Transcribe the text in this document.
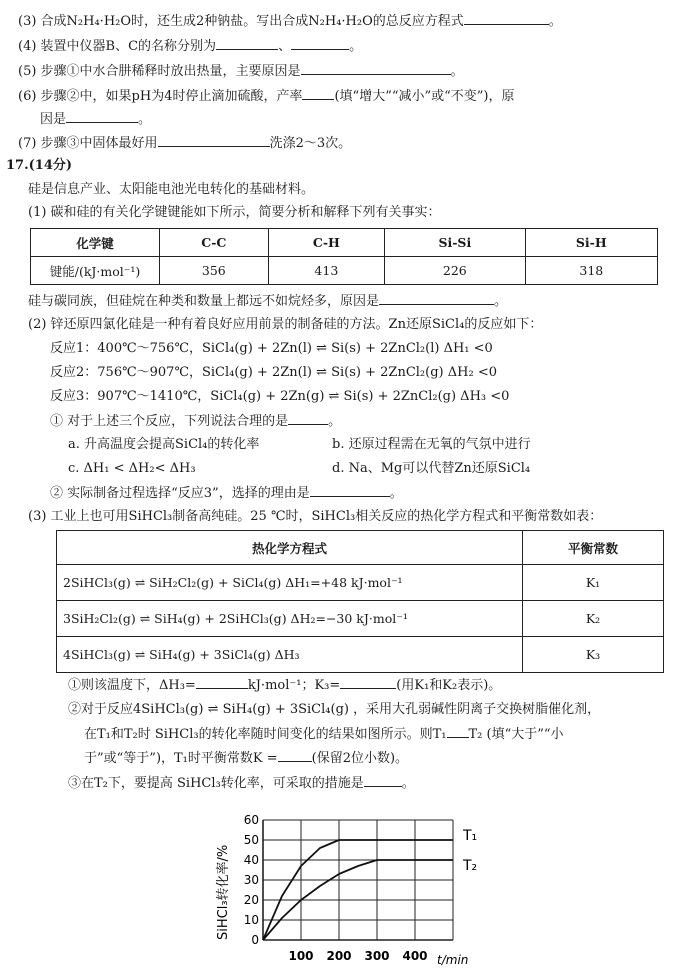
(3) 合成N₂H₄·H₂O时，还生成2种钠盐。写出合成N₂H₄·H₂O的总反应方程式	。
(4) 装置中仪器B、C的名称分别为	、	。
(5) 步骤①中水合肼稀释时放出热量，主要原因是	。
(6) 步骤②中，如果pH为4时停止滴加硫酸，产率 (填“增大”“减小”或“不变”)，原
因是	。
(7) 步骤③中固体最好用	洗涤2～3次。
17.(14分)
硅是信息产业、太阳能电池光电转化的基础材料。
(1) 碳和硅的有关化学键键能如下所示，简要分析和解释下列有关事实：
化学键	C-C	C-H	Si-Si	Si-H
键能/(kJ·mol⁻¹)	356	413	226	318
硅与碳同族，但硅烷在种类和数量上都远不如烷烃多，原因是	。
(2) 锌还原四氯化硅是一种有着良好应用前景的制备硅的方法。Zn还原SiCl₄的反应如下：
反应1：400℃～756℃，SiCl₄(g) + 2Zn(l) ⇌ Si(s) + 2ZnCl₂(l) ΔH₁ <0
反应2：756℃～907℃，SiCl₄(g) + 2Zn(l) ⇌ Si(s) + 2ZnCl₂(g) ΔH₂ <0
反应3：907℃～1410℃，SiCl₄(g) + 2Zn(g) ⇌ Si(s) + 2ZnCl₂(g) ΔH₃ <0
① 对于上述三个反应，下列说法合理的是	。
a. 升高温度会提高SiCl₄的转化率	b. 还原过程需在无氧的气氛中进行
c. ΔH₁ < ΔH₂< ΔH₃	d. Na、Mg可以代替Zn还原SiCl₄
② 实际制备过程选择“反应3”，选择的理由是	。
(3) 工业上也可用SiHCl₃制备高纯硅。25 ℃时，SiHCl₃相关反应的热化学方程式和平衡常数如表：
热化学方程式	平衡常数
2SiHCl₃(g) ⇌ SiH₂Cl₂(g) + SiCl₄(g) ΔH₁=+48 kJ·mol⁻¹	K₁
3SiH₂Cl₂(g) ⇌ SiH₄(g) + 2SiHCl₃(g) ΔH₂=−30 kJ·mol⁻¹	K₂
4SiHCl₃(g) ⇌ SiH₄(g) + 3SiCl₄(g) ΔH₃	K₃
①则该温度下，ΔH₃=	kJ·mol⁻¹；K₃=	(用K₁和K₂表示)。
②对于反应4SiHCl₃(g) ⇌ SiH₄(g) + 3SiCl₄(g) ，采用大孔弱碱性阴离子交换树脂催化剂，
在T₁和T₂时 SiHCl₃的转化率随时间变化的结果如图所示。则T₁ T₂ (填“大于”“小
于”或“等于”)，T₁时平衡常数K =	(保留2位小数)。
③在T₂下，要提高 SiHCl₃转化率，可采取的措施是	。
0
10
20
30
40
50
60
100 200 300 400
T₁
T₂
SiHCl₃转化率/%
t/min
